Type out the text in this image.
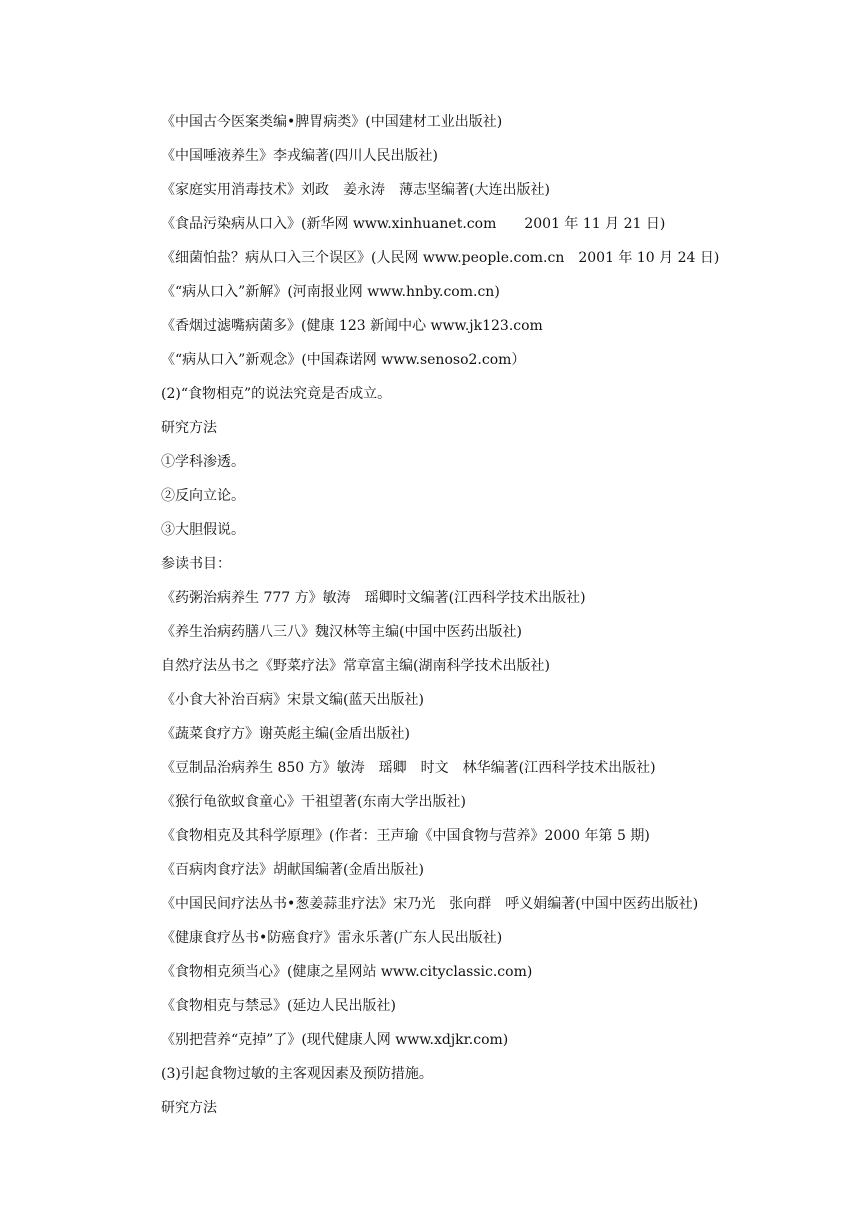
《中国古今医案类编•脾胃病类》(中国建材工业出版社)
《中国唾液养生》李戎编著(四川人民出版社)
《家庭实用消毒技术》刘政　姜永涛　薄志坚编著(大连出版社)
《食品污染病从口入》(新华网 www.xinhuanet.com　　2001 年 11 月 21 日)
《细菌怕盐？病从口入三个误区》(人民网 www.people.com.cn　2001 年 10 月 24 日)
《“病从口入”新解》(河南报业网 www.hnby.com.cn)
《香烟过滤嘴病菌多》(健康 123 新闻中心 www.jk123.com
《“病从口入”新观念》(中国森诺网 www.senoso2.com）
(2)“食物相克”的说法究竟是否成立。
研究方法
①学科渗透。
②反向立论。
③大胆假说。
参读书目：
《药粥治病养生 777 方》敏涛　瑶卿时文编著(江西科学技术出版社)
《养生治病药膳八三八》魏汉林等主编(中国中医药出版社)
自然疗法丛书之《野菜疗法》常章富主编(湖南科学技术出版社)
《小食大补治百病》宋景文编(蓝天出版社)
《蔬菜食疗方》谢英彪主编(金盾出版社)
《豆制品治病养生 850 方》敏涛　瑶卿　时文　林华编著(江西科学技术出版社)
《猴行龟欲蚁食童心》干祖望著(东南大学出版社)
《食物相克及其科学原理》(作者：王声瑜《中国食物与营养》2000 年第 5 期)
《百病肉食疗法》胡献国编著(金盾出版社)
《中国民间疗法丛书•葱姜蒜韭疗法》宋乃光　张向群　呼义娟编著(中国中医药出版社)
《健康食疗丛书•防癌食疗》雷永乐著(广东人民出版社)
《食物相克须当心》(健康之星网站 www.cityclassic.com)
《食物相克与禁忌》(延边人民出版社)
《别把营养“克掉”了》(现代健康人网 www.xdjkr.com)
(3)引起食物过敏的主客观因素及预防措施。
研究方法
